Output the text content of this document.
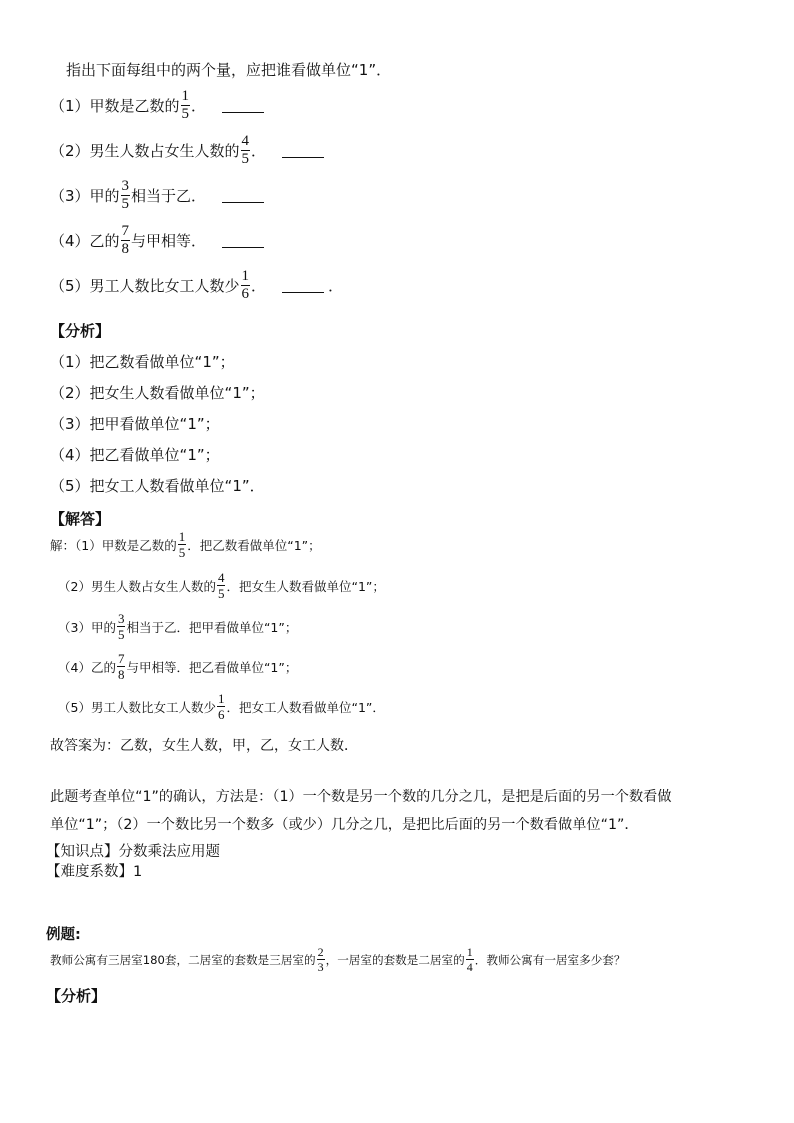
指出下面每组中的两个量，应把谁看做单位“1”．
（1）甲数是乙数的 $\frac{1}{5}$ ．
（2）男生人数占女生人数的 $\frac{4}{5}$ ．
（3）甲的 $\frac{3}{5}$ 相当于乙．
（4）乙的 $\frac{7}{8}$ 与甲相等．
（5）男工人数比女工人数少 $\frac{1}{6}$ ．	．
【分析】
（1）把乙数看做单位“1”；
（2）把女生人数看做单位“1”；
（3）把甲看做单位“1”；
（4）把乙看做单位“1”；
（5）把女工人数看做单位“1”．
【解答】
解：（1）甲数是乙数的 $\frac{1}{5}$ ．把乙数看做单位“1”；
（2）男生人数占女生人数的 $\frac{4}{5}$ ．把女生人数看做单位“1”；
（3）甲的 $\frac{3}{5}$ 相当于乙．把甲看做单位“1”；
（4）乙的 $\frac{7}{8}$ 与甲相等．把乙看做单位“1”；
（5）男工人数比女工人数少 $\frac{1}{6}$ ．把女工人数看做单位“1”．
故答案为：乙数，女生人数，甲，乙，女工人数．
此题考查单位“1”的确认，方法是：（1）一个数是另一个数的几分之几，是把是后面的另一个数看做
单位“1”；（2）一个数比另一个数多（或少）几分之几，是把比后面的另一个数看做单位“1”．
【知识点】分数乘法应用题
【难度系数】1
例题:
教师公寓有三居室180套，二居室的套数是三居室的 $\frac{2}{3}$ ，一居室的套数是二居室的 $\frac{1}{4}$ ．教师公寓有一居室多少套？
【分析】
